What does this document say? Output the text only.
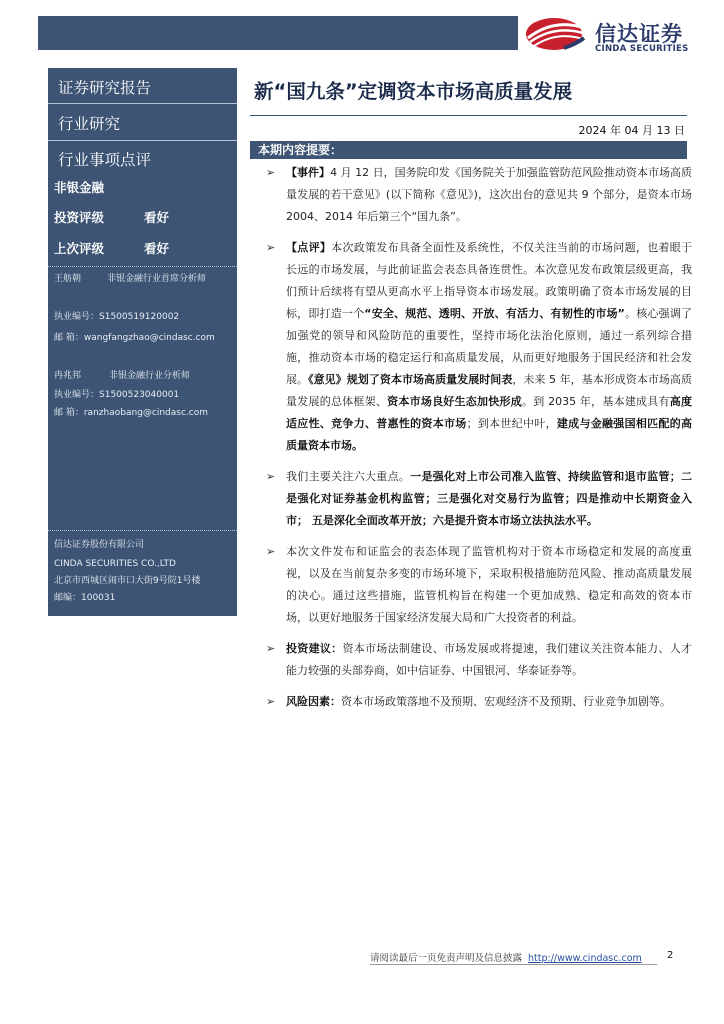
信达证券
CINDA SECURITIES
证券研究报告
行业研究
行业事项点评
非银金融
投资评级	看好
上次评级	看好
王舫朝	非银金融行业首席分析师
执业编号：S1500519120002
邮 箱：wangfangzhao@cindasc.com
冉兆邦	非银金融行业分析师
执业编号：S1500523040001
邮 箱：ranzhaobang@cindasc.com
信达证券股份有限公司
CINDA SECURITIES CO.,LTD
北京市西城区闹市口大街9号院1号楼
邮编：100031
新“国九条”定调资本市场高质量发展
2024 年 04 月 13 日
本期内容提要：
➢ 【事件】4 月 12 日，国务院印发《国务院关于加强监管防范风险推动资本市场高质量发展的若干意见》(以下简称《意见》)，这次出台的意见共 9 个部分，是资本市场 2004、2014 年后第三个“国九条”。

➢ 【点评】本次政策发布具备全面性及系统性，不仅关注当前的市场问题，也着眼于长远的市场发展，与此前证监会表态具备连贯性。本次意见发布政策层级更高，我们预计后续将有望从更高水平上指导资本市场发展。政策明确了资本市场发展的目标，即打造一个“安全、规范、透明、开放、有活力、有韧性的市场”。核心强调了加强党的领导和风险防范的重要性，坚持市场化法治化原则，通过一系列综合措施，推动资本市场的稳定运行和高质量发展，从而更好地服务于国民经济和社会发展。《意见》规划了资本市场高质量发展时间表，未来 5 年，基本形成资本市场高质量发展的总体框架、资本市场良好生态加快形成。到 2035 年，基本建成具有高度适应性、竞争力、普惠性的资本市场；到本世纪中叶，建成与金融强国相匹配的高质量资本市场。

➢ 我们主要关注六大重点。一是强化对上市公司准入监管、持续监管和退市监管；二是强化对证券基金机构监管；三是强化对交易行为监管；四是推动中长期资金入市； 五是深化全面改革开放；六是提升资本市场立法执法水平。

➢ 本次文件发布和证监会的表态体现了监管机构对于资本市场稳定和发展的高度重视，以及在当前复杂多变的市场环境下，采取积极措施防范风险、推动高质量发展的决心。通过这些措施，监管机构旨在构建一个更加成熟、稳定和高效的资本市场，以更好地服务于国家经济发展大局和广大投资者的利益。

➢ 投资建议：资本市场法制建设、市场发展或将提速，我们建议关注资本能力、人才能力较强的头部券商，如中信证券、中国银河、华泰证券等。

➢ 风险因素：资本市场政策落地不及预期、宏观经济不及预期、行业竞争加剧等。

请阅读最后一页免责声明及信息披露 http://www.cindasc.com	2
